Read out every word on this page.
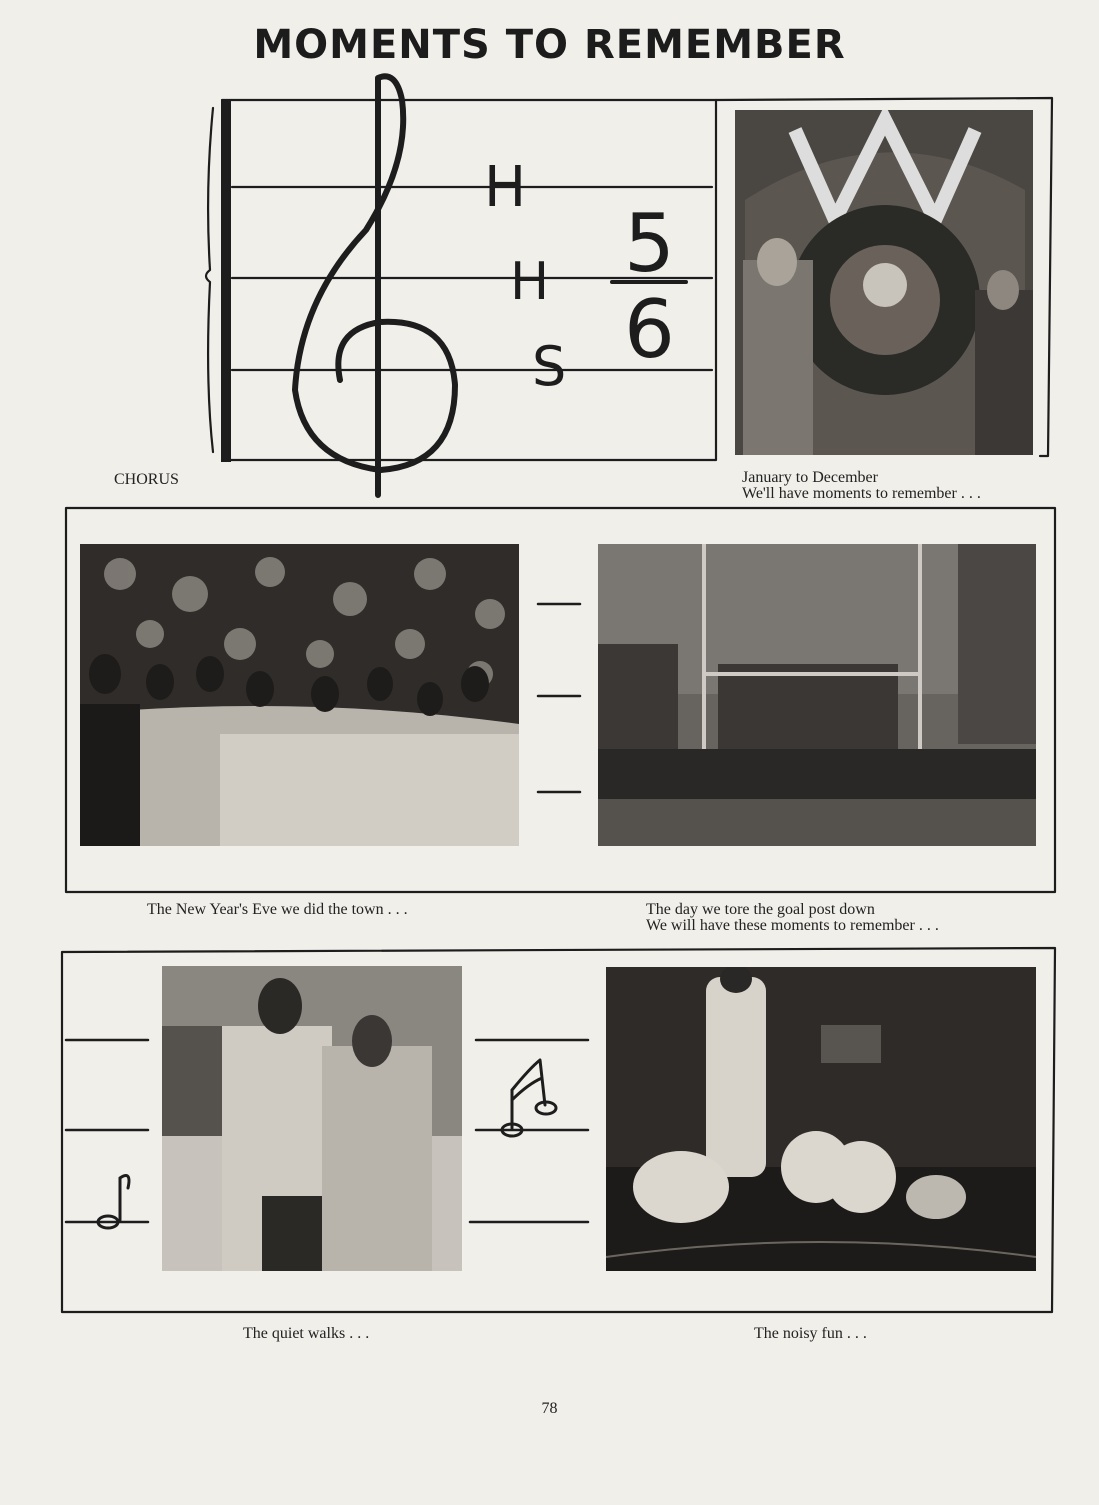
MOMENTS TO REMEMBER
H
H
S
5
6
CHORUS	January to December
We'll have moments to remember . . .
The New Year's Eve we did the town . . .	The day we tore the goal post down
We will have these moments to remember . . .
The quiet walks . . .	The noisy fun . . .
78
